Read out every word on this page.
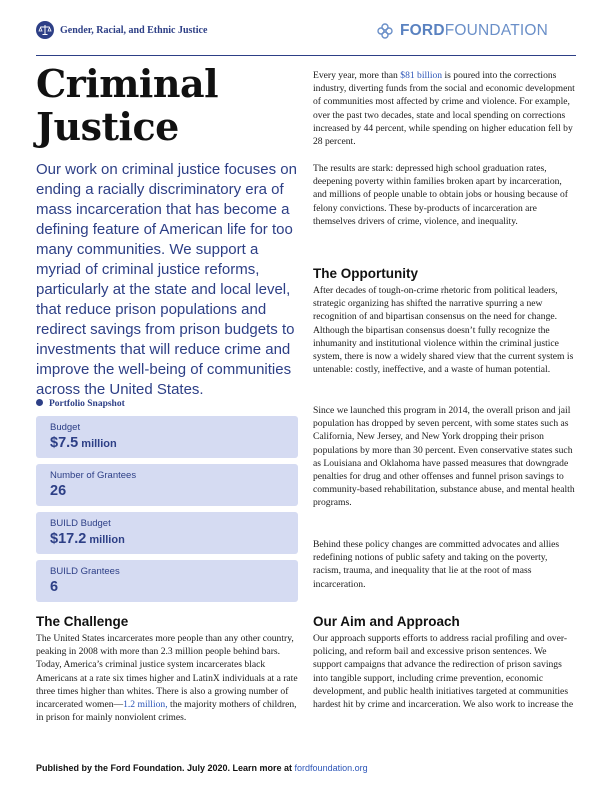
Gender, Racial, and Ethnic Justice	FORDFOUNDATION
Criminal
Justice

Our work on criminal justice focuses on ending a racially discriminatory era of mass incarceration that has become a defining feature of American life for too many communities. We support a myriad of criminal justice reforms, particularly at the state and local level, that reduce prison populations and redirect savings from prison budgets to investments that will reduce crime and improve the well-being of communities across the United States.

Portfolio Snapshot
Budget
$7.5 million
Number of Grantees
26
BUILD Budget
$17.2 million
BUILD Grantees
6
The Challenge

The United States incarcerates more people than any other country, peaking in 2008 with more than 2.3 million people behind bars. Today, America’s criminal justice system incarcerates black Americans at a rate six times higher and LatinX individuals at a rate three times higher than whites. There is also a growing number of incarcerated women—1.2 million, the majority mothers of children, in prison for mainly nonviolent crimes.

Every year, more than $81 billion is poured into the corrections industry, diverting funds from the social and economic development of communities most affected by crime and violence. For example, over the past two decades, state and local spending on corrections increased by 44 percent, while spending on higher education fell by 28 percent.

The results are stark: depressed high school graduation rates, deepening poverty within families broken apart by incarceration, and millions of people unable to obtain jobs or housing because of felony convictions. These by-products of incarceration are themselves drivers of crime, violence, and inequality.

The Opportunity

After decades of tough-on-crime rhetoric from political leaders, strategic organizing has shifted the narrative spurring a new recognition of and bipartisan consensus on the need for change. Although the bipartisan consensus doesn’t fully recognize the inhumanity and institutional violence within the criminal justice system, there is now a widely shared view that the current system is untenable: costly, ineffective, and a waste of human potential.

Since we launched this program in 2014, the overall prison and jail population has dropped by seven percent, with some states such as California, New Jersey, and New York dropping their prison populations by more than 30 percent. Even conservative states such as Louisiana and Oklahoma have passed measures that downgrade penalties for drug and other offenses and funnel prison savings to community-based rehabilitation, substance abuse, and mental health programs.

Behind these policy changes are committed advocates and allies redefining notions of public safety and taking on the poverty, racism, trauma, and inequality that lie at the root of mass incarceration.

Our Aim and Approach

Our approach supports efforts to address racial profiling and over-policing, and reform bail and excessive prison sentences. We support campaigns that advance the redirection of prison savings into tangible support, including crime prevention, economic development, and public health initiatives targeted at communities hardest hit by crime and incarceration. We also work to increase the

Published by the Ford Foundation. July 2020. Learn more at fordfoundation.org
